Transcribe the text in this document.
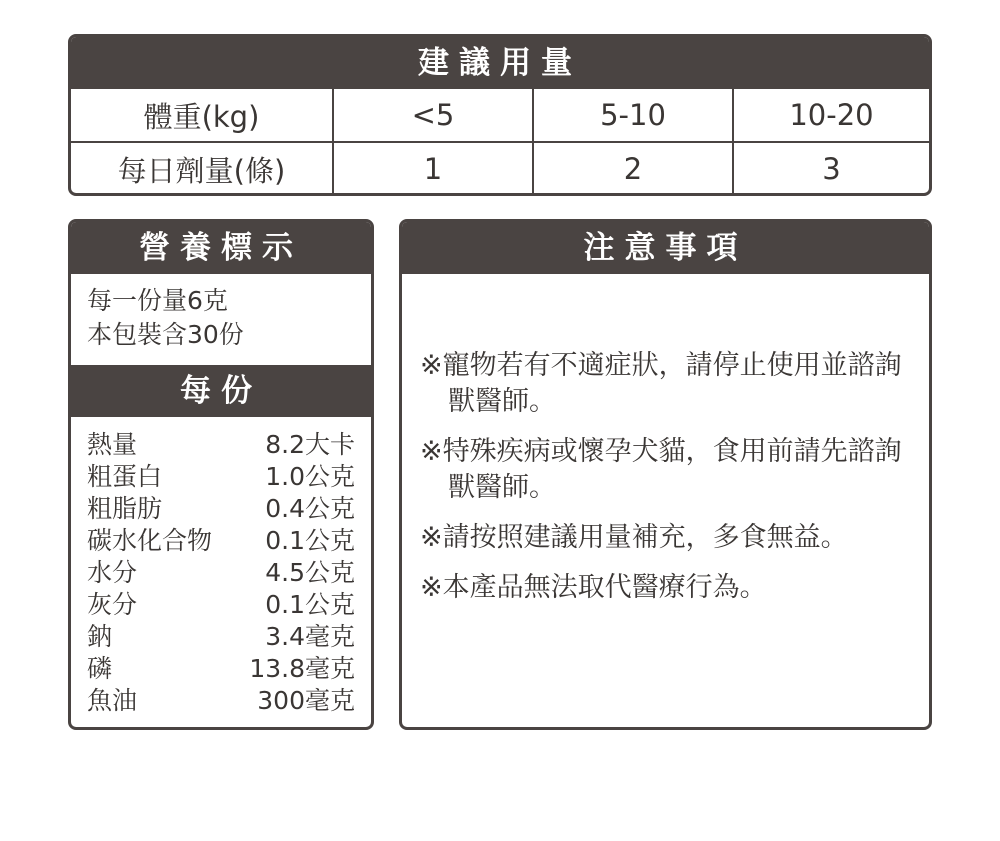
建議用量
體重(kg)	<5	5-10	10-20
每日劑量(條)	1	2	3
營養標示
每一份量6克
本包裝含30份
每份
熱量	8.2大卡
粗蛋白	1.0公克
粗脂肪	0.4公克
碳水化合物 0.1公克
水分	4.5公克
灰分	0.1公克
鈉	3.4毫克
磷	13.8毫克
魚油	300毫克
注意事項
※寵物若有不適症狀，請停止使用並諮詢獸醫師。
※特殊疾病或懷孕犬貓，食用前請先諮詢獸醫師。
※請按照建議用量補充，多食無益。
※本產品無法取代醫療行為。
